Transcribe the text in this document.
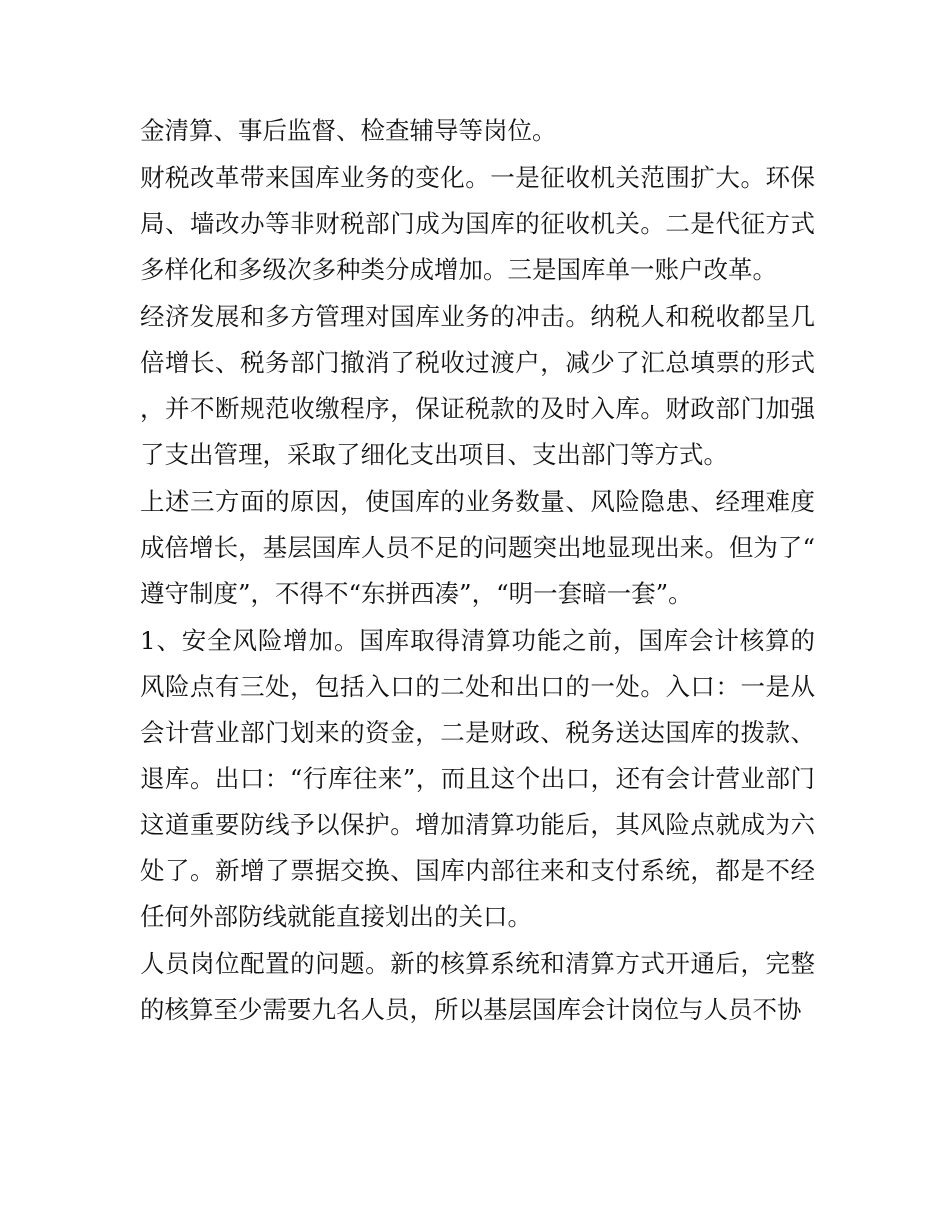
金清算、事后监督、检查辅导等岗位。

财税改革带来国库业务的变化。一是征收机关范围扩大。环保局、墙改办等非财税部门成为国库的征收机关。二是代征方式多样化和多级次多种类分成增加。三是国库单一账户改革。

经济发展和多方管理对国库业务的冲击。纳税人和税收都呈几倍增长、税务部门撤消了税收过渡户，减少了汇总填票的形式，并不断规范收缴程序，保证税款的及时入库。财政部门加强了支出管理，采取了细化支出项目、支出部门等方式。

上述三方面的原因，使国库的业务数量、风险隐患、经理难度成倍增长，基层国库人员不足的问题突出地显现出来。但为了“遵守制度”，不得不“东拼西凑”，“明一套暗一套”。

1、安全风险增加。国库取得清算功能之前，国库会计核算的风险点有三处，包括入口的二处和出口的一处。入口：一是从会计营业部门划来的资金，二是财政、税务送达国库的拨款、退库。出口：“行库往来”，而且这个出口，还有会计营业部门这道重要防线予以保护。增加清算功能后，其风险点就成为六处了。新增了票据交换、国库内部往来和支付系统，都是不经任何外部防线就能直接划出的关口。

人员岗位配置的问题。新的核算系统和清算方式开通后，完整的核算至少需要九名人员，所以基层国库会计岗位与人员不协
